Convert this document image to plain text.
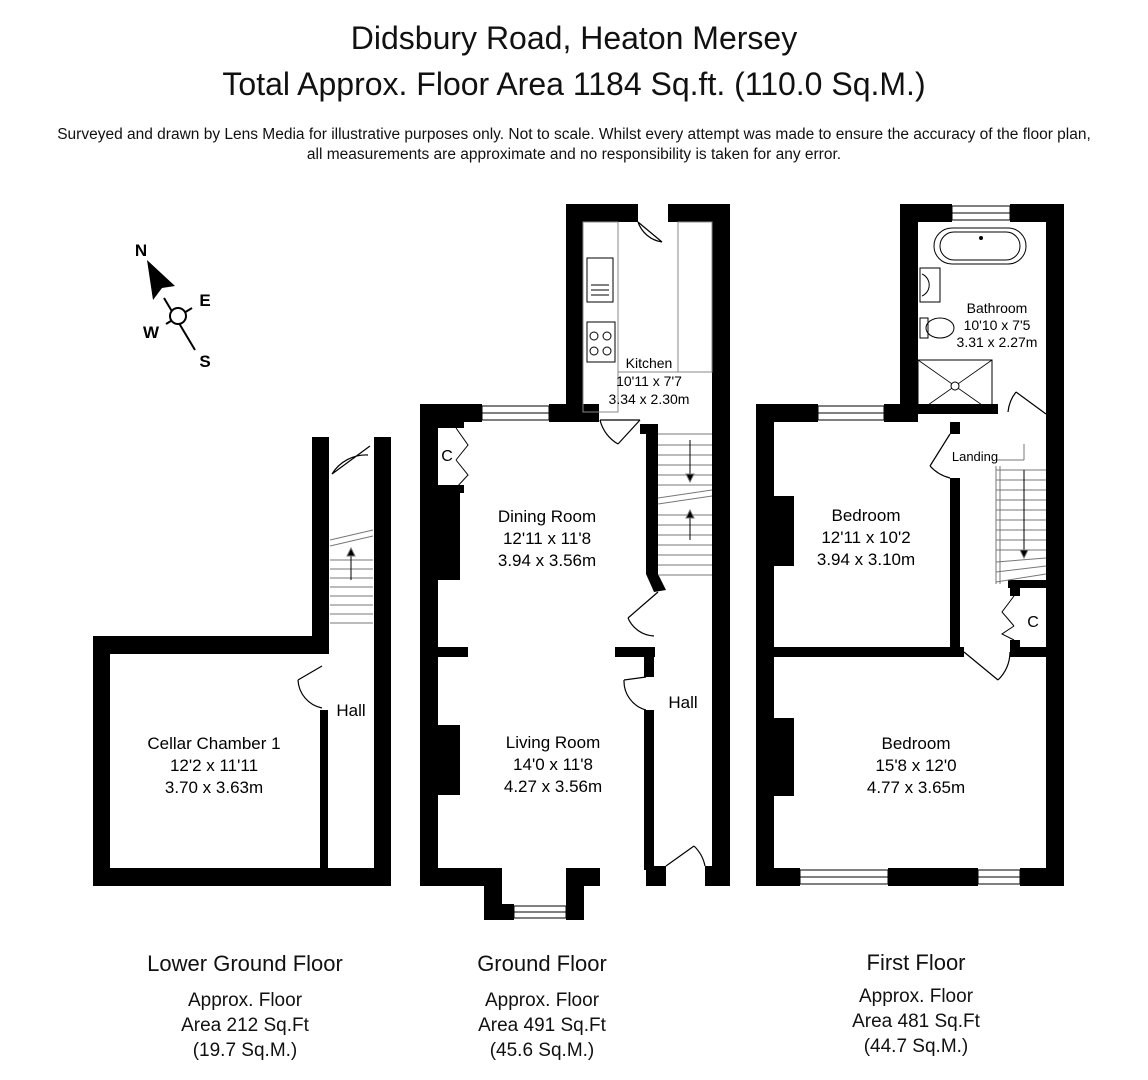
Didsbury Road, Heaton Mersey
Total Approx. Floor Area 1184 Sq.ft. (110.0 Sq.M.)
Surveyed and drawn by Lens Media for illustrative purposes only. Not to scale. Whilst every attempt was made to ensure the accuracy of the floor plan,
all measurements are approximate and no responsibility is taken for any error.
N
E
S
W
Cellar Chamber 1
12'2 x 11'11
3.70 x 3.63m
Hall
Kitchen
10'11 x 7'7
3.34 x 2.30m
C
Dining Room
12'11 x 11'8
3.94 x 3.56m
Living Room
14'0 x 11'8
4.27 x 3.56m
Hall
Bathroom
10'10 x 7'5
3.31 x 2.27m
Landing
Bedroom
12'11 x 10'2
3.94 x 3.10m
C
Bedroom
15'8 x 12'0
4.77 x 3.65m
Lower Ground Floor
Approx. Floor
Area 212 Sq.Ft
(19.7 Sq.M.)
Ground Floor
Approx. Floor
Area 491 Sq.Ft
(45.6 Sq.M.)
First Floor
Approx. Floor
Area 481 Sq.Ft
(44.7 Sq.M.)
